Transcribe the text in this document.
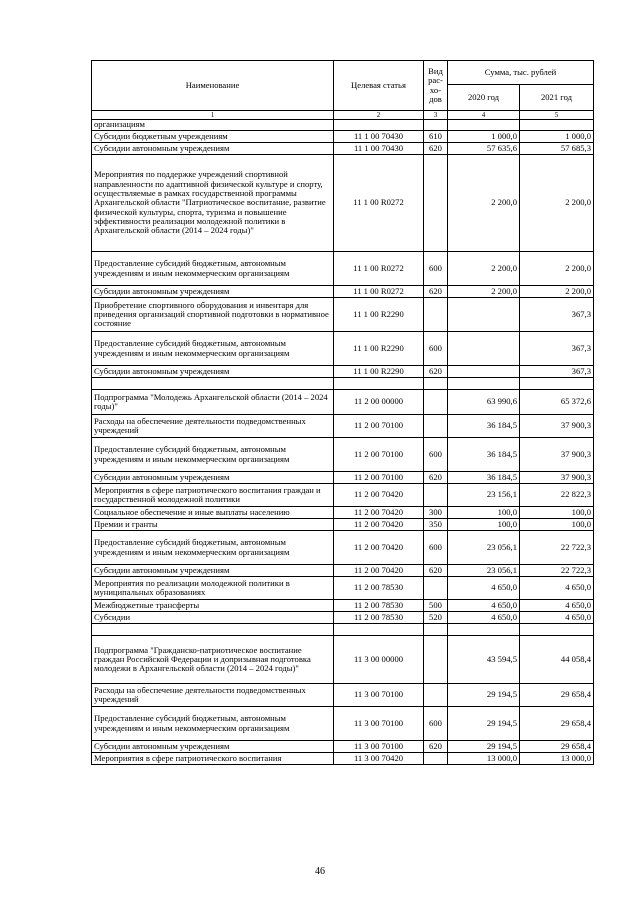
Наименование	Целевая статья	Вид рас-хо-дов	Сумма, тыс. рублей	
			2020 год	2021 год
1	2	3	4	5
организациям				
Субсидии бюджетным учреждениям	11 1 00 70430	610	1 000,0	1 000,0
Субсидии автономным учреждениям	11 1 00 70430	620	57 635,6	57 685,3
Мероприятия по поддержке учреждений спортивной направленности по адаптивной физической культуре и спорту, осуществляемые в рамках государственной программы Архангельской области "Патриотическое воспитание, развитие физической культуры, спорта, туризма и повышение эффективности реализации молодежной политики в Архангельской области (2014 – 2024 годы)"	11 1 00 R0272		2 200,0	2 200,0
Предоставление субсидий бюджетным, автономным учреждениям и иным некоммерческим организациям	11 1 00 R0272	600	2 200,0	2 200,0
Субсидии автономным учреждениям	11 1 00 R0272	620	2 200,0	2 200,0
Приобретение спортивного оборудования и инвентаря для приведения организаций спортивной подготовки в нормативное состояние	11 1 00 R2290			367,3
Предоставление субсидий бюджетным, автономным учреждениям и иным некоммерческим организациям	11 1 00 R2290	600		367,3
Субсидии автономным учреждениям	11 1 00 R2290	620		367,3

Подпрограмма "Молодежь Архангельской области (2014 – 2024 годы)"	11 2 00 00000		63 990,6	65 372,6
Расходы на обеспечение деятельности подведомственных учреждений	11 2 00 70100		36 184,5	37 900,3
Предоставление субсидий бюджетным, автономным учреждениям и иным некоммерческим организациям	11 2 00 70100	600	36 184,5	37 900,3
Субсидии автономным учреждениям	11 2 00 70100	620	36 184,5	37 900,3
Мероприятия в сфере патриотического воспитания граждан и государственной молодежной политики	11 2 00 70420		23 156,1	22 822,3
Социальное обеспечение и иные выплаты населению	11 2 00 70420	300	100,0	100,0
Премии и гранты	11 2 00 70420	350	100,0	100,0
Предоставление субсидий бюджетным, автономным учреждениям и иным некоммерческим организациям	11 2 00 70420	600	23 056,1	22 722,3
Субсидии автономным учреждениям	11 2 00 70420	620	23 056,1	22 722,3
Мероприятия по реализации молодежной политики в муниципальных образованиях	11 2 00 78530		4 650,0	4 650,0
Межбюджетные трансферты	11 2 00 78530	500	4 650,0	4 650,0
Субсидии	11 2 00 78530	520	4 650,0	4 650,0

Подпрограмма "Гражданско-патриотическое воспитание граждан Российской Федерации и допризывная подготовка молодежи в Архангельской области (2014 – 2024 годы)"	11 3 00 00000		43 594,5	44 058,4
Расходы на обеспечение деятельности подведомственных учреждений	11 3 00 70100		29 194,5	29 658,4
Предоставление субсидий бюджетным, автономным учреждениям и иным некоммерческим организациям	11 3 00 70100	600	29 194,5	29 658,4
Субсидии автономным учреждениям	11 3 00 70100	620	29 194,5	29 658,4
Мероприятия в сфере патриотического воспитания	11 3 00 70420		13 000,0	13 000,0
46
